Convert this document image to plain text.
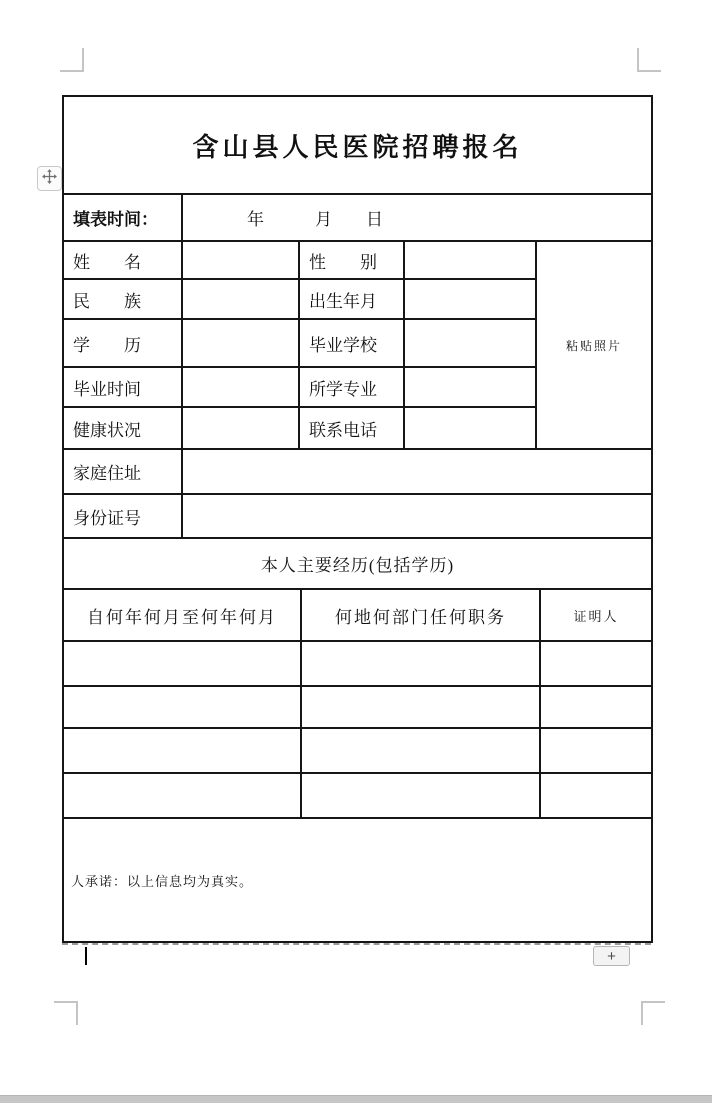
含山县人民医院招聘报名				
填表时间：	年　　　月　　日			
姓　　名		性　　别		粘贴照片
民　　族		出生年月		
学　　历		毕业学校		
毕业时间		所学专业		
健康状况		联系电话		
家庭住址				
身份证号				
本人主要经历(包括学历)		
自何年何月至何年何月	何地何部门任何职务	证明人

人承诺：以上信息均为真实。		
+
